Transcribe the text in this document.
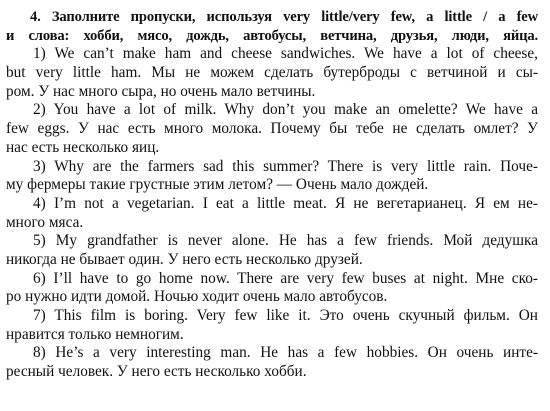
4. Заполните пропуски, используя very little/very few, a little / a few
и слова: хобби, мясо, дождь, автобусы, ветчина, друзья, люди, яйца.
1) We can’t make ham and cheese sandwiches. We have a lot of cheese,
but very little ham. Мы не можем сделать бутерброды с ветчиной и сы-
ром. У нас много сыра, но очень мало ветчины.
2) You have a lot of milk. Why don’t you make an omelette? We have a
few eggs. У нас есть много молока. Почему бы тебе не сделать омлет? У
нас есть несколько яиц.
3) Why are the farmers sad this summer? There is very little rain. Поче-
му фермеры такие грустные этим летом? — Очень мало дождей.
4) I’m not a vegetarian. I eat a little meat. Я не вегетарианец. Я ем не-
много мяса.
5) My grandfather is never alone. He has a few friends. Мой дедушка
никогда не бывает один. У него есть несколько друзей.
6) I’ll have to go home now. There are very few buses at night. Мне ско-
ро нужно идти домой. Ночью ходит очень мало автобусов.
7) This film is boring. Very few like it. Это очень скучный фильм. Он
нравится только немногим.
8) He’s a very interesting man. He has a few hobbies. Он очень инте-
ресный человек. У него есть несколько хобби.
